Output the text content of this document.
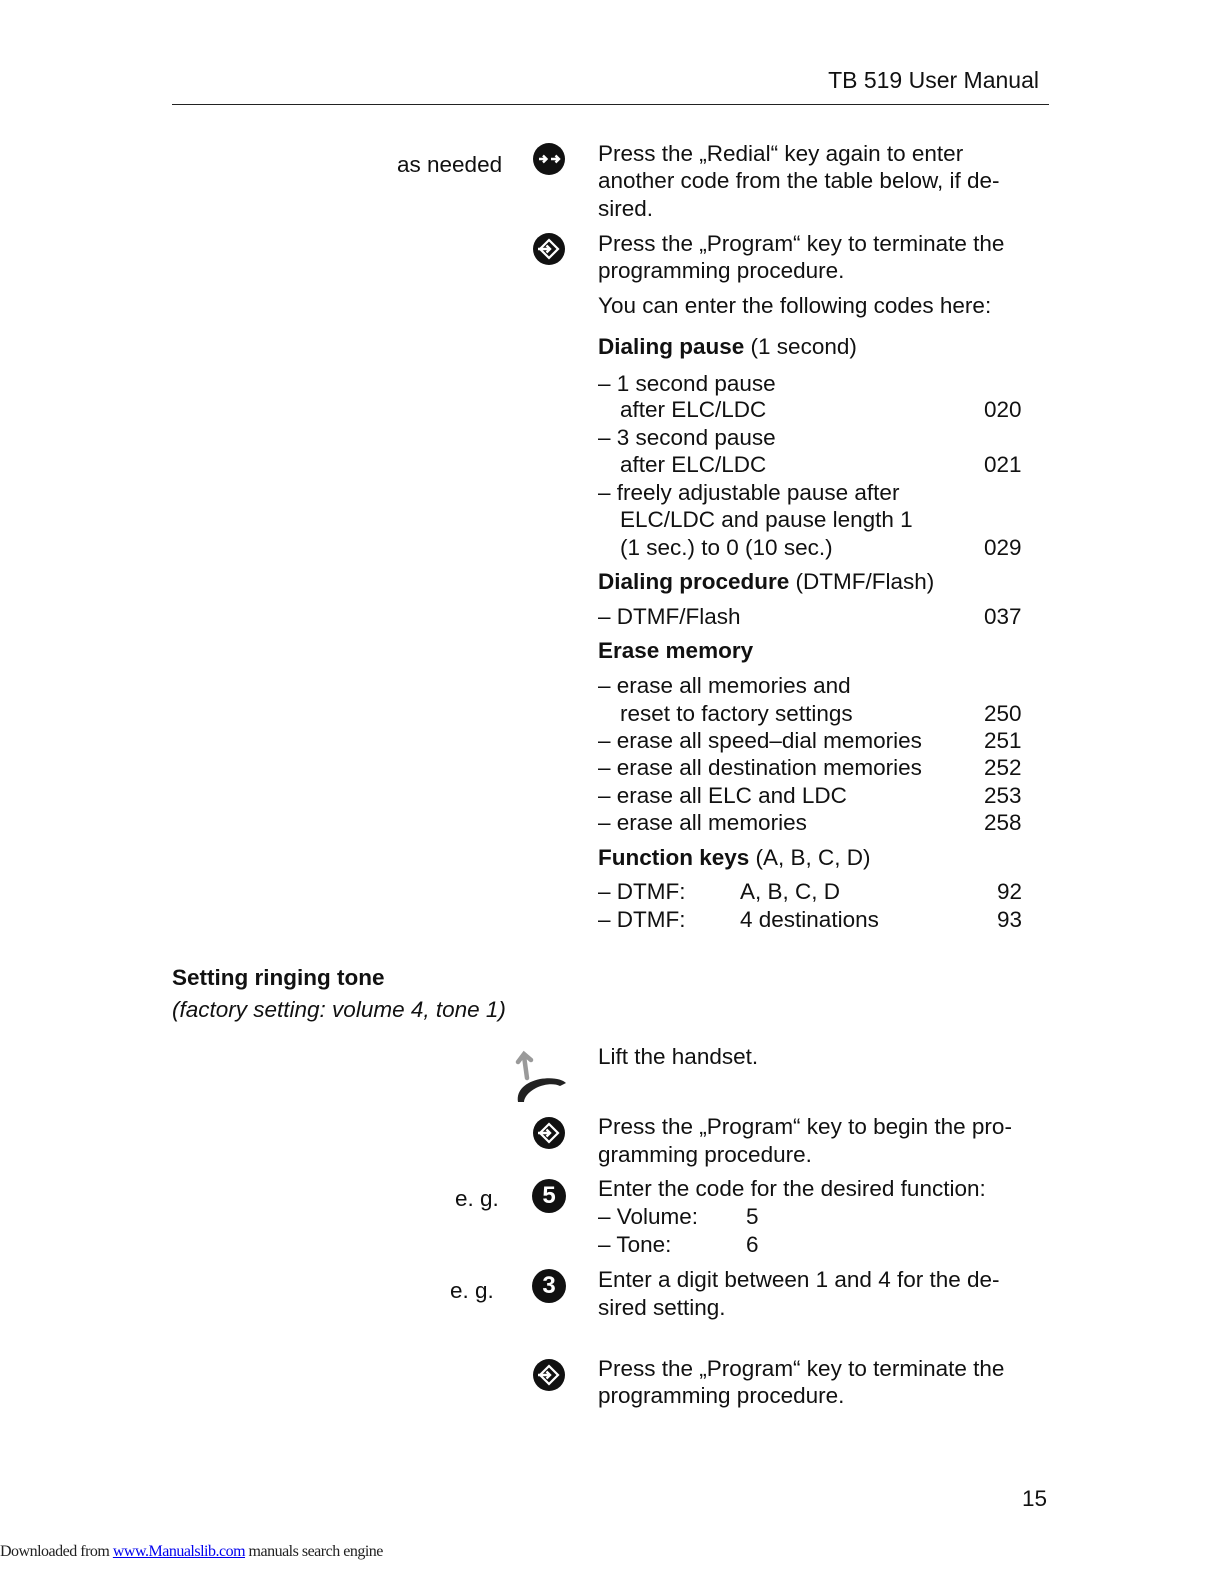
TB 519 User Manual
as needed	Press the „Redial“ key again to enter
another code from the table below, if de-
sired.
Press the „Program“ key to terminate the
programming procedure.
You can enter the following codes here:
Dialing pause (1 second)
– 1 second pause
after ELC/LDC	020
– 3 second pause
after ELC/LDC	021
– freely adjustable pause after
ELC/LDC and pause length 1
(1 sec.) to 0 (10 sec.)	029
Dialing procedure (DTMF/Flash)
– DTMF/Flash	037
Erase memory
– erase all memories and
reset to factory settings	250
– erase all speed–dial memories	251
– erase all destination memories	252
– erase all ELC and LDC	253
– erase all memories	258
Function keys (A, B, C, D)
– DTMF: A, B, C, D	92
– DTMF: 4 destinations	93
Setting ringing tone
(factory setting: volume 4, tone 1)
Lift the handset.
Press the „Program“ key to begin the pro-
gramming procedure.
e. g.	5	Enter the code for the desired function:
– Volume: 5
– Tone:	6
e. g.	3	Enter a digit between 1 and 4 for the de-
sired setting.
Press the „Program“ key to terminate the
programming procedure.
15
Downloaded from www.Manualslib.com manuals search engine
